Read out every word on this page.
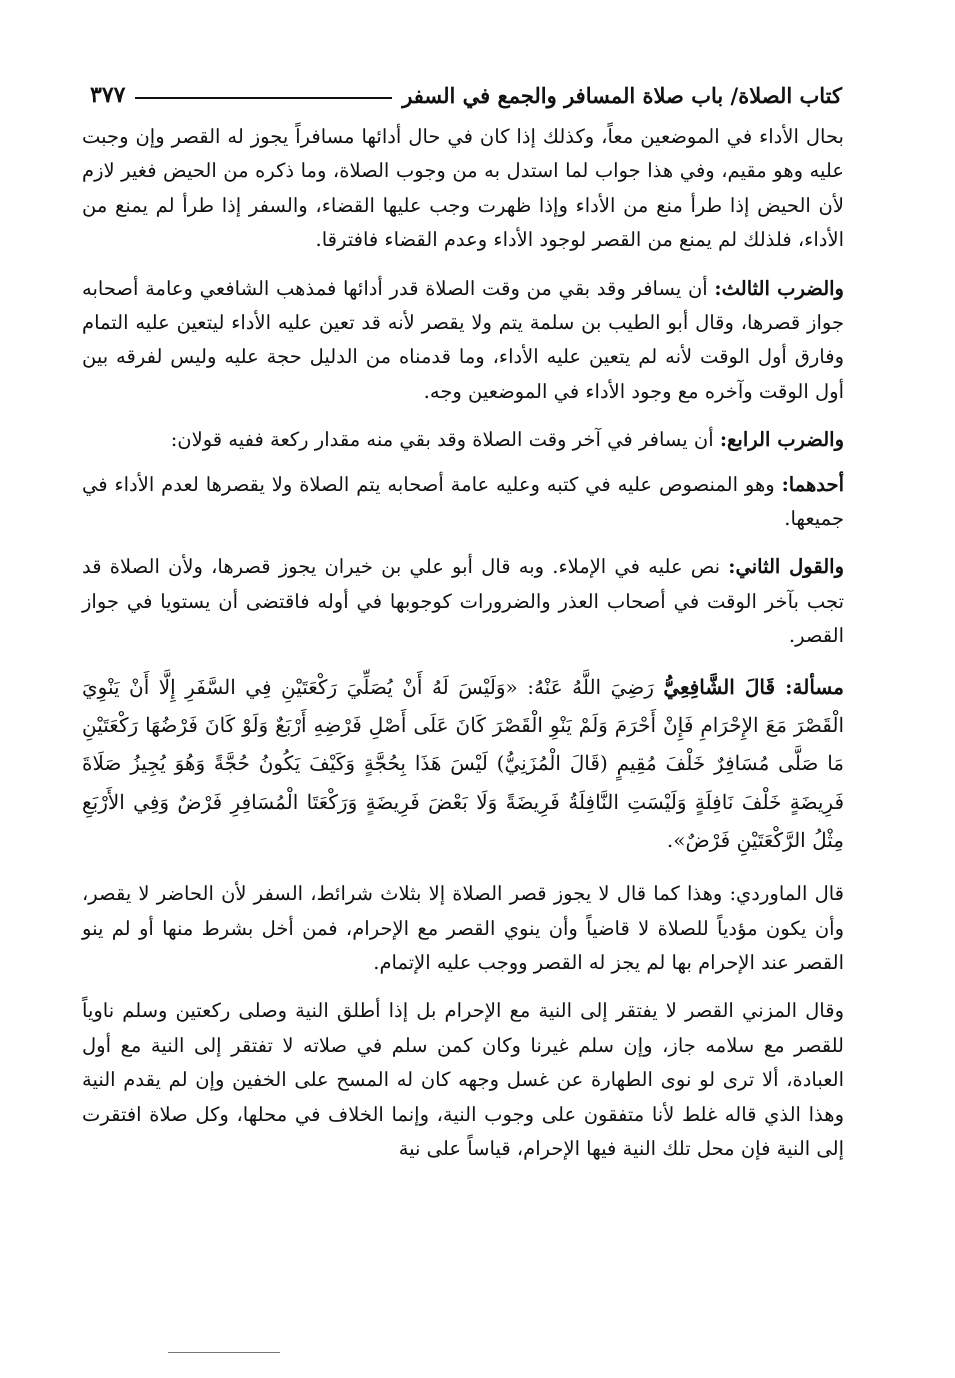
كتاب الصلاة/ باب صلاة المسافر والجمع في السفر
٣٧٧

بحال الأداء في الموضعين معاً، وكذلك إذا كان في حال أدائها مسافراً يجوز له القصر وإن وجبت عليه وهو مقيم، وفي هذا جواب لما استدل به من وجوب الصلاة، وما ذكره من الحيض فغير لازم لأن الحيض إذا طرأ منع من الأداء وإذا ظهرت وجب عليها القضاء، والسفر إذا طرأ لم يمنع من الأداء، فلذلك لم يمنع من القصر لوجود الأداء وعدم القضاء فافترقا.

والضرب الثالث: أن يسافر وقد بقي من وقت الصلاة قدر أدائها فمذهب الشافعي وعامة أصحابه جواز قصرها، وقال أبو الطيب بن سلمة يتم ولا يقصر لأنه قد تعين عليه الأداء ليتعين عليه التمام وفارق أول الوقت لأنه لم يتعين عليه الأداء، وما قدمناه من الدليل حجة عليه وليس لفرقه بين أول الوقت وآخره مع وجود الأداء في الموضعين وجه.

والضرب الرابع: أن يسافر في آخر وقت الصلاة وقد بقي منه مقدار ركعة ففيه قولان:

أحدهما: وهو المنصوص عليه في كتبه وعليه عامة أصحابه يتم الصلاة ولا يقصرها لعدم الأداء في جميعها.

والقول الثاني: نص عليه في الإملاء. وبه قال أبو علي بن خيران يجوز قصرها، ولأن الصلاة قد تجب بآخر الوقت في أصحاب العذر والضرورات كوجوبها في أوله فاقتضى أن يستويا في جواز القصر.

مسألة: قَالَ الشَّافِعِيُّ رَضِيَ اللَّهُ عَنْهُ: «وَلَيْسَ لَهُ أَنْ يُصَلِّيَ رَكْعَتَيْنِ فِي السَّفَرِ إِلَّا أَنْ يَنْوِيَ الْقَصْرَ مَعَ الإِحْرَامِ فَإِنْ أَحْرَمَ وَلَمْ يَنْوِ الْقَصْرَ كَانَ عَلَى أَصْلِ فَرْضِهِ أَرْبَعٌ وَلَوْ كَانَ فَرْضُهَا رَكْعَتَيْنِ مَا صَلَّى مُسَافِرٌ خَلْفَ مُقِيمٍ (قَالَ الْمُزَنِيُّ) لَيْسَ هَذَا بِحُجَّةٍ وَكَيْفَ يَكُونُ حُجَّةً وَهُوَ يُجِيزُ صَلَاةَ فَرِيضَةٍ خَلْفَ نَافِلَةٍ وَلَيْسَتِ النَّافِلَةُ فَرِيضَةً وَلَا بَعْضَ فَرِيضَةٍ وَرَكْعَتَا الْمُسَافِرِ فَرْضٌ وَفِي الأَرْبَعِ مِثْلُ الرَّكْعَتَيْنِ فَرْضٌ».

قال الماوردي: وهذا كما قال لا يجوز قصر الصلاة إلا بثلاث شرائط، السفر لأن الحاضر لا يقصر، وأن يكون مؤدياً للصلاة لا قاضياً وأن ينوي القصر مع الإحرام، فمن أخل بشرط منها أو لم ينو القصر عند الإحرام بها لم يجز له القصر ووجب عليه الإتمام.

وقال المزني القصر لا يفتقر إلى النية مع الإحرام بل إذا أطلق النية وصلى ركعتين وسلم ناوياً للقصر مع سلامه جاز، وإن سلم غيرنا وكان كمن سلم في صلاته لا تفتقر إلى النية مع أول العبادة، ألا ترى لو نوى الطهارة عن غسل وجهه كان له المسح على الخفين وإن لم يقدم النية وهذا الذي قاله غلط لأنا متفقون على وجوب النية، وإنما الخلاف في محلها، وكل صلاة افتقرت إلى النية فإن محل تلك النية فيها الإحرام، قياساً على نية
